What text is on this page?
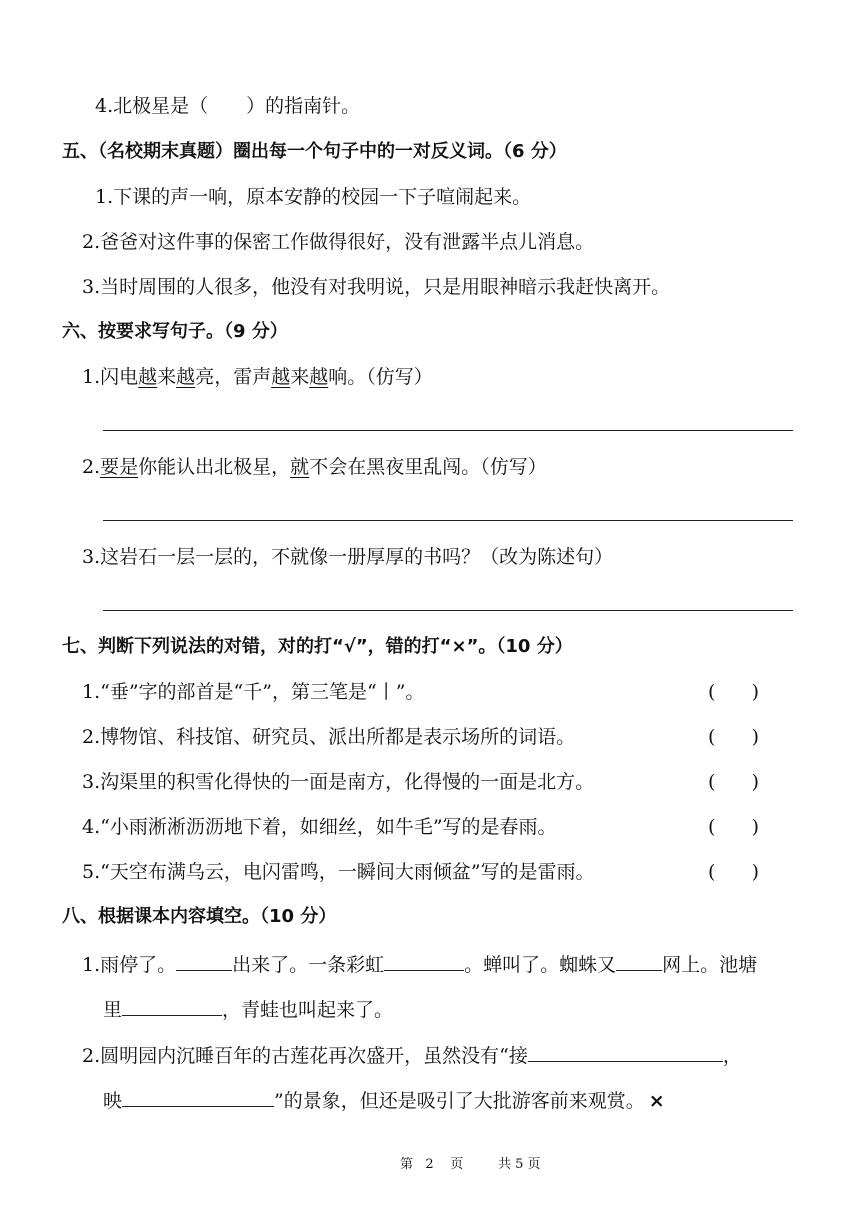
4.北极星是（　　）的指南针。
五、（名校期末真题）圈出每一个句子中的一对反义词。（6 分）
1.下课的声一响，原本安静的校园一下子喧闹起来。
2.爸爸对这件事的保密工作做得很好，没有泄露半点儿消息。
3.当时周围的人很多，他没有对我明说，只是用眼神暗示我赶快离开。
六、按要求写句子。（9 分）
1.闪电越来越亮，雷声越来越响。（仿写）
2.要是你能认出北极星，就不会在黑夜里乱闯。（仿写）
3.这岩石一层一层的，不就像一册厚厚的书吗？（改为陈述句）
七、判断下列说法的对错，对的打“√”，错的打“×”。（10 分）
1.“垂”字的部首是“千”，第三笔是“丨”。	(      )
2.博物馆、科技馆、研究员、派出所都是表示场所的词语。	(      )
3.沟渠里的积雪化得快的一面是南方，化得慢的一面是北方。	(      )
4.“小雨淅淅沥沥地下着，如细丝，如牛毛”写的是春雨。	(      )
5.“天空布满乌云，电闪雷鸣，一瞬间大雨倾盆”写的是雷雨。	(      )
八、根据课本内容填空。（10 分）
1.雨停了。	出来了。一条彩虹	。蝉叫了。蜘蛛又 网上。池塘
里	，青蛙也叫起来了。
2.圆明园内沉睡百年的古莲花再次盛开，虽然没有“接	，
映	”的景象，但还是吸引了大批游客前来观赏。 ×
第   2    页	共 5 页
